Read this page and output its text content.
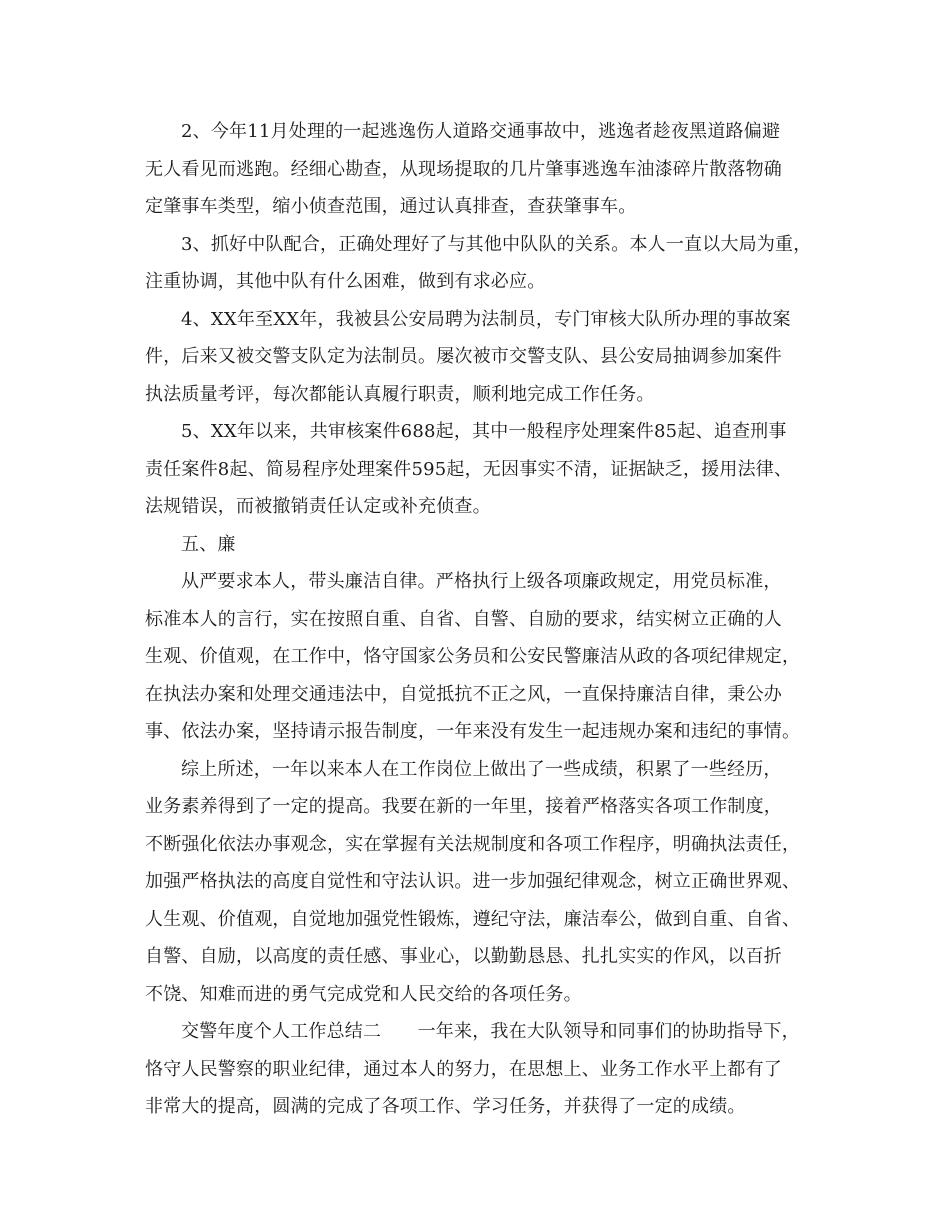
2、今年11月处理的一起逃逸伤人道路交通事故中，逃逸者趁夜黑道路偏避
无人看见而逃跑。经细心勘查，从现场提取的几片肇事逃逸车油漆碎片散落物确
定肇事车类型，缩小侦查范围，通过认真排查，查获肇事车。

3、抓好中队配合，正确处理好了与其他中队队的关系。本人一直以大局为重，
注重协调，其他中队有什么困难，做到有求必应。

4、XX年至XX年，我被县公安局聘为法制员，专门审核大队所办理的事故案
件，后来又被交警支队定为法制员。屡次被市交警支队、县公安局抽调参加案件
执法质量考评，每次都能认真履行职责，顺利地完成工作任务。

5、XX年以来，共审核案件688起，其中一般程序处理案件85起、追查刑事
责任案件8起、简易程序处理案件595起，无因事实不清，证据缺乏，援用法律、
法规错误，而被撤销责任认定或补充侦查。

五、廉

从严要求本人，带头廉洁自律。严格执行上级各项廉政规定，用党员标准，
标准本人的言行，实在按照自重、自省、自警、自励的要求，结实树立正确的人
生观、价值观，在工作中，恪守国家公务员和公安民警廉洁从政的各项纪律规定，
在执法办案和处理交通违法中，自觉抵抗不正之风，一直保持廉洁自律，秉公办
事、依法办案，坚持请示报告制度，一年来没有发生一起违规办案和违纪的事情。

综上所述，一年以来本人在工作岗位上做出了一些成绩，积累了一些经历，
业务素养得到了一定的提高。我要在新的一年里，接着严格落实各项工作制度，
不断强化依法办事观念，实在掌握有关法规制度和各项工作程序，明确执法责任，
加强严格执法的高度自觉性和守法认识。进一步加强纪律观念，树立正确世界观、
人生观、价值观，自觉地加强党性锻炼，遵纪守法，廉洁奉公，做到自重、自省、
自警、自励，以高度的责任感、事业心，以勤勤恳恳、扎扎实实的作风，以百折
不饶、知难而进的勇气完成党和人民交给的各项任务。

交警年度个人工作总结二　　一年来，我在大队领导和同事们的协助指导下，
恪守人民警察的职业纪律，通过本人的努力，在思想上、业务工作水平上都有了
非常大的提高，圆满的完成了各项工作、学习任务，并获得了一定的成绩。
